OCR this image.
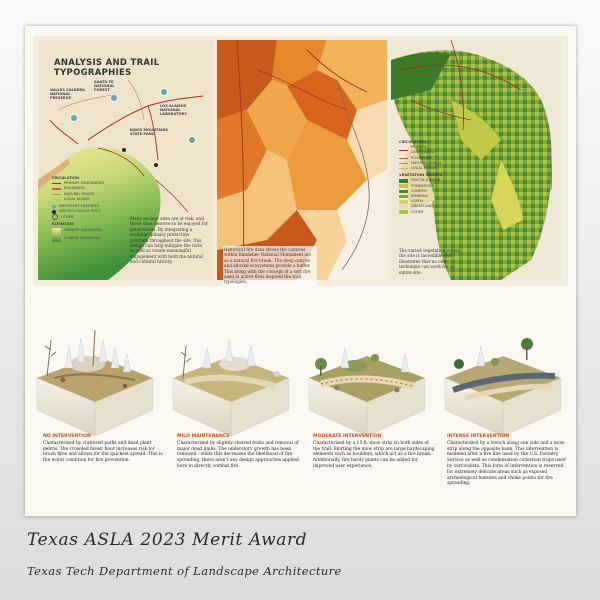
ANALYSIS AND TRAIL TYPOGRAPHIES
DAVIS MOUNTAINS STATE PARK
LOS ALAMOS NATIONAL LABORATORY
SANTA FE NATIONAL FOREST
VALLES CALDERA NATIONAL PRESERVE
CIRCULATION
PRIMARY DESIGNATED
ROADWAYS
NATURAL ROADS
LOCAL ROADS
IMPORTANT FEATURES
ARCHEOLOGICAL SITES
OTHER
ELEVATION
HIGHEST ELEVATION
LOWEST ELEVATION
Many ancient sites are at risk, and these sites deserve to be enjoyed for generations. By integrating a multidisciplinary protection program throughout the site, this design can help mitigate the risks as well as create meaningful engagement with both the natural and cultural history.
Historical fire data shows the canyons within Bandelier National Monument act as a natural fire break. The deep canyon and alluvial ecosystems provide a buffer. This along with the concept of a sort fire used in active fires inspired the trail typologies.
CIRCULATION
PRIMARY DESIGNATED
ROADWAYS
NATURAL ROADS
LOCAL ROADS
VEGETATION GROUPS
PINYON-JUNIPER
PONDEROSA
CONIFER
RIPARIAN
ASPEN
GRASSLAND
OTHER
The varied vegetation within the site is incredible and illustrates that no one technique can work for an entire site.
NO INTERVENTION
Characterized by cluttered paths and dead plant debris. The crowded forest floor increases risk for brush fires and allows for the quickest spread. This is the worst condition for fire prevention.
MILD MAINTENANCE
Characterized by slightly cleared trails and removal of major dead limbs. The understory growth has been removed - while this decreases the likelihood of fire spreading, there aren't any design approaches applied here to directly combat fire.
MODERATE INTERVENTION
Characterized by a 15 ft. mow strip on both sides of the trail. Skirting the mow strip are large hardscaping elements such as boulders, which act as a fire break. Additionally, fire hardy plants can be added for improved user experience.
INTENSE INTERVENTION
Characterized by a trench along one side and a mow strip along the opposite bank. This intervention is modeled after a fire line used by the U.S. Forestry Service as well as condensation collection traps used by survivalists. This form of intervention is reserved for extremely delicate areas such as exposed archeological features and choke points for fire spreading.
Texas ASLA 2023 Merit Award
Texas Tech Department of Landscape Architecture
